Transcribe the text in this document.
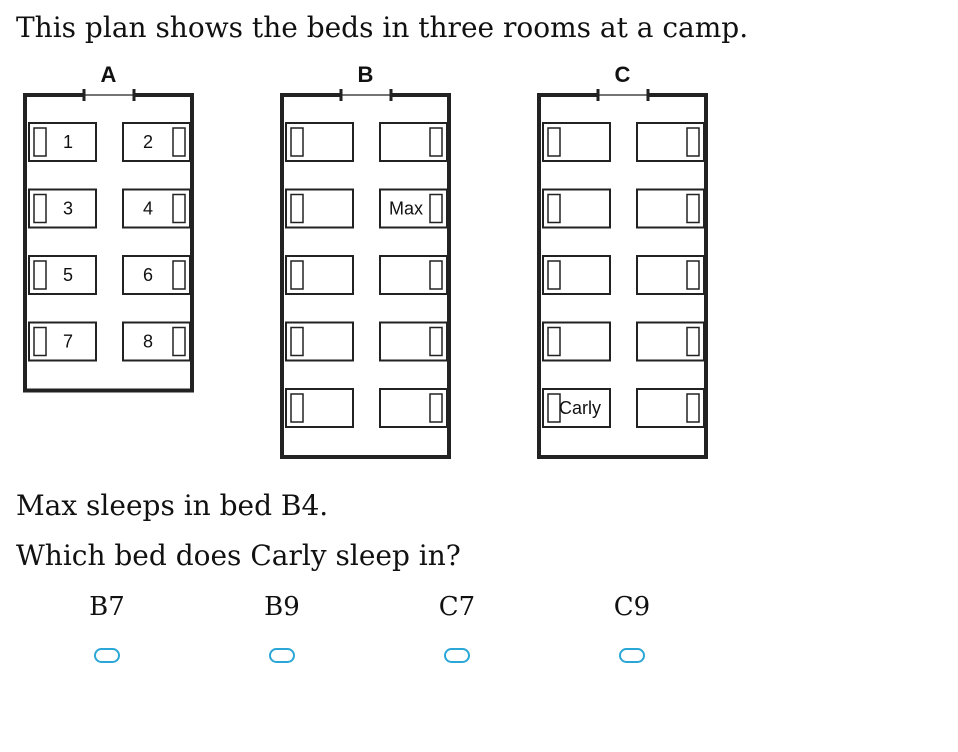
This plan shows the beds in three rooms at a camp.
A
1	2
3	4
5	6
7	8
B
Max
C
Carly
Max sleeps in bed B4.
Which bed does Carly sleep in?
B7	B9	C7	C9
